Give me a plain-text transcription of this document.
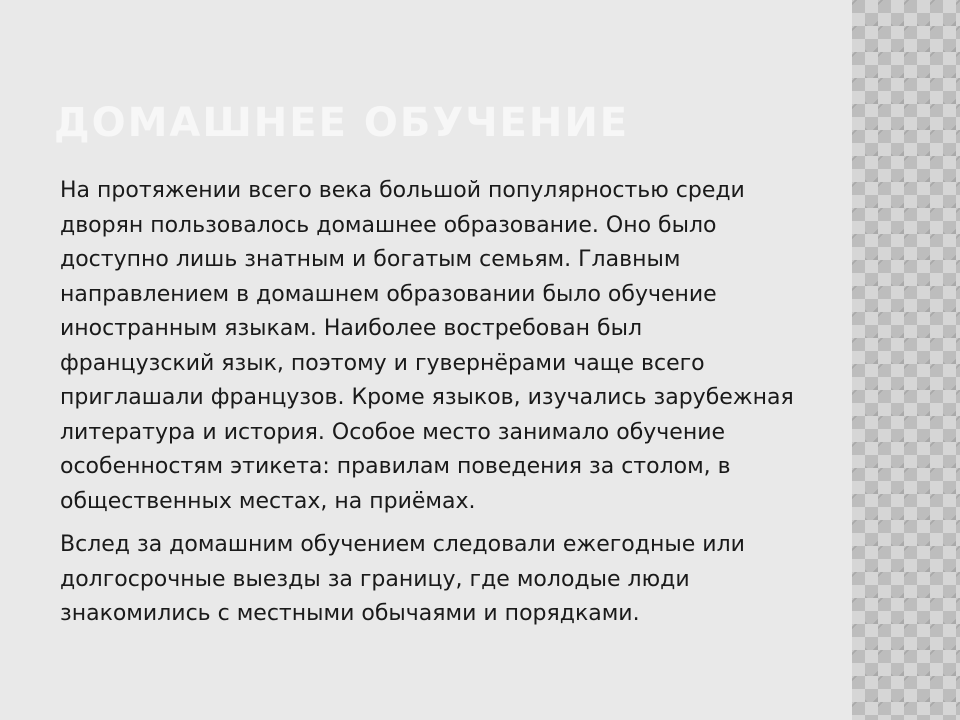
ДОМАШНЕЕ ОБУЧЕНИЕ

На протяжении всего века большой популярностью среди дворян пользовалось домашнее образование. Оно было доступно лишь знатным и богатым семьям. Главным направлением в домашнем образовании было обучение иностранным языкам. Наиболее востребован был французский язык, поэтому и гувернёрами чаще всего приглашали французов. Кроме языков, изучались зарубежная литература и история. Особое место занимало обучение особенностям этикета: правилам поведения за столом, в общественных местах, на приёмах.

Вслед за домашним обучением следовали ежегодные или долгосрочные выезды за границу, где молодые люди знакомились с местными обычаями и порядками.
